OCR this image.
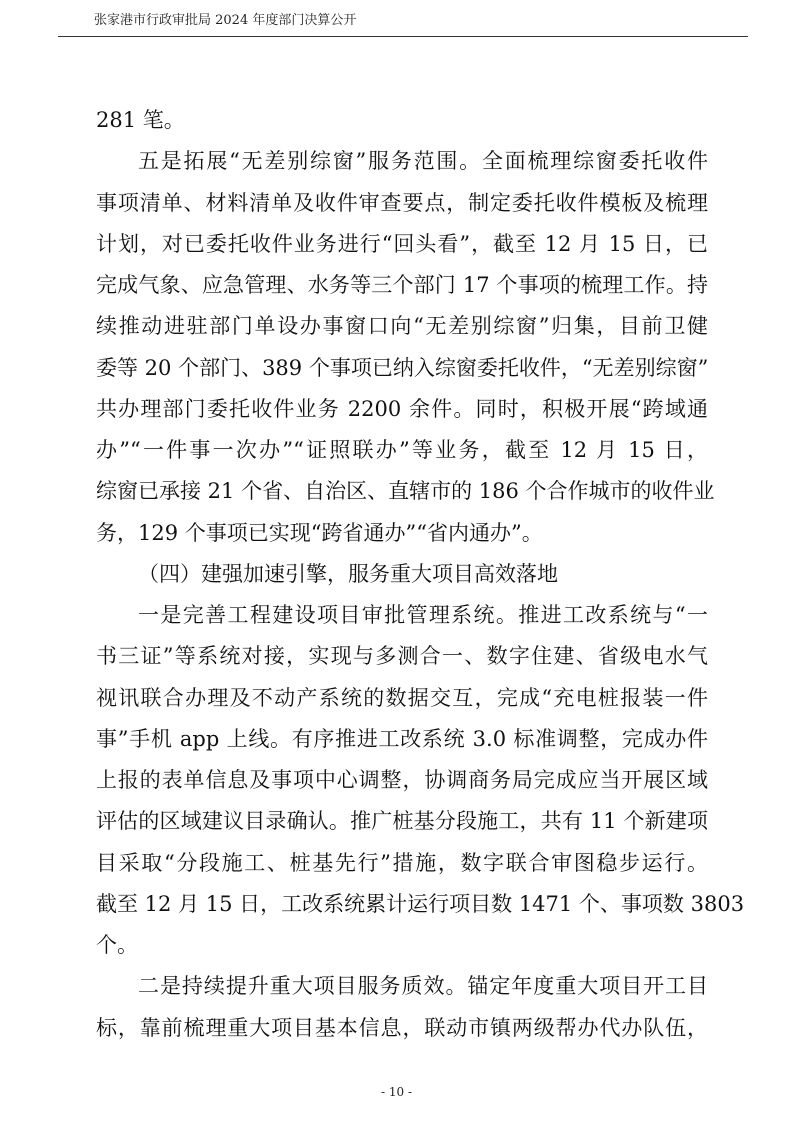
张家港市行政审批局 2024 年度部门决算公开
281 笔。
五是拓展“无差别综窗”服务范围。全面梳理综窗委托收件
事项清单、材料清单及收件审查要点，制定委托收件模板及梳理
计划，对已委托收件业务进行“回头看”，截至 12 月 15 日，已
完成气象、应急管理、水务等三个部门 17 个事项的梳理工作。持
续推动进驻部门单设办事窗口向“无差别综窗”归集，目前卫健
委等 20 个部门、389 个事项已纳入综窗委托收件，“无差别综窗”
共办理部门委托收件业务 2200 余件。同时，积极开展“跨域通
办”“一件事一次办”“证照联办”等业务，截至 12 月 15 日，
综窗已承接 21 个省、自治区、直辖市的 186 个合作城市的收件业
务，129 个事项已实现“跨省通办”“省内通办”。
（四）建强加速引擎，服务重大项目高效落地
一是完善工程建设项目审批管理系统。推进工改系统与“一
书三证”等系统对接，实现与多测合一、数字住建、省级电水气
视讯联合办理及不动产系统的数据交互，完成“充电桩报装一件
事”手机 app 上线。有序推进工改系统 3.0 标准调整，完成办件
上报的表单信息及事项中心调整，协调商务局完成应当开展区域
评估的区域建议目录确认。推广桩基分段施工，共有 11 个新建项
目采取“分段施工、桩基先行”措施，数字联合审图稳步运行。
截至 12 月 15 日，工改系统累计运行项目数 1471 个、事项数 3803
个。
二是持续提升重大项目服务质效。锚定年度重大项目开工目
标，靠前梳理重大项目基本信息，联动市镇两级帮办代办队伍，
- 10 -
